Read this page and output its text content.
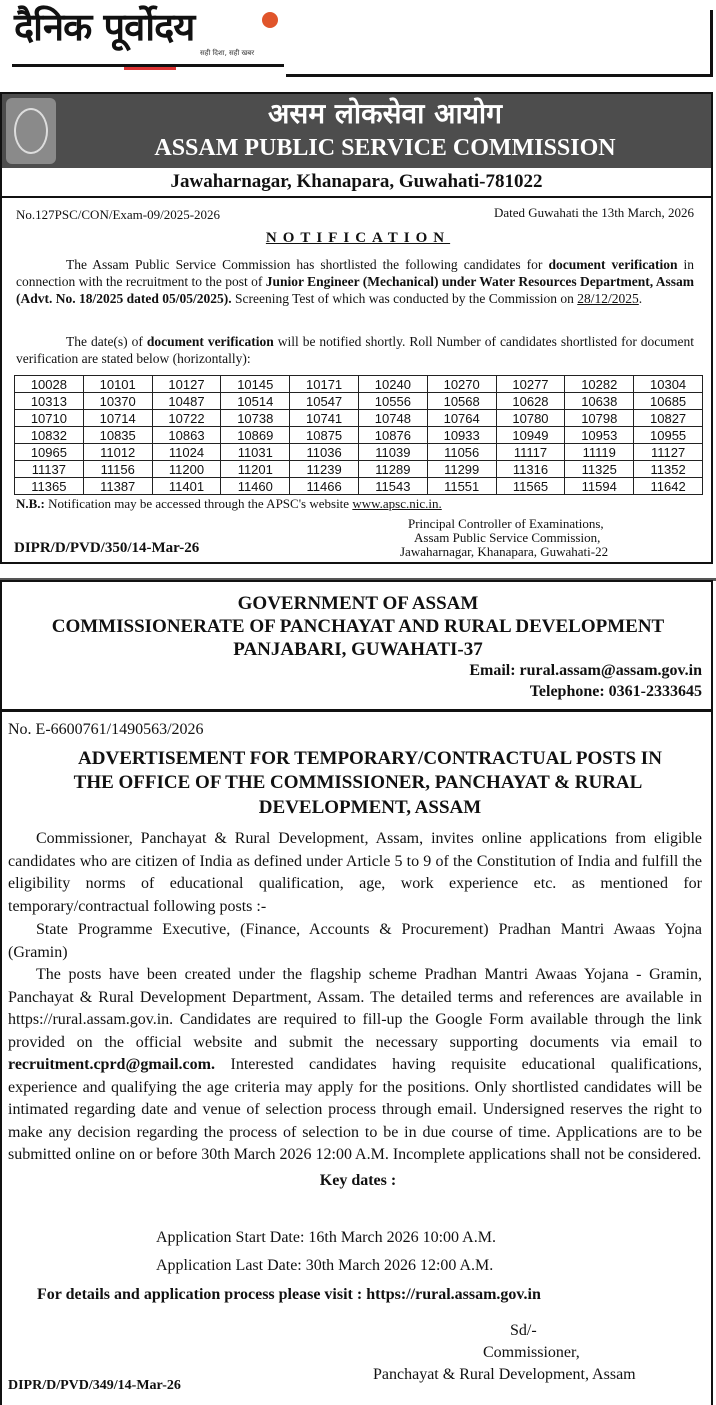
दैनिक पूर्वोदय
सही दिशा, सही खबर
असम लोकसेवा आयोग
ASSAM PUBLIC SERVICE COMMISSION
Jawaharnagar, Khanapara, Guwahati-781022
No.127PSC/CON/Exam-09/2025-2026	Dated Guwahati the 13th March, 2026
NOTIFICATION
The Assam Public Service Commission has shortlisted the following candidates for document verification in connection with the recruitment to the post of Junior Engineer (Mechanical) under Water Resources Department, Assam (Advt. No. 18/2025 dated 05/05/2025). Screening Test of which was conducted by the Commission on 28/12/2025.
The date(s) of document verification will be notified shortly. Roll Number of candidates shortlisted for document verification are stated below (horizontally):
10028	10101	10127	10145	10171	10240	10270	10277	10282	10304
10313	10370	10487	10514	10547	10556	10568	10628	10638	10685
10710	10714	10722	10738	10741	10748	10764	10780	10798	10827
10832	10835	10863	10869	10875	10876	10933	10949	10953	10955
10965	11012	11024	11031	11036	11039	11056	11117	11119	11127
11137	11156	11200	11201	11239	11289	11299	11316	11325	11352
11365	11387	11401	11460	11466	11543	11551	11565	11594	11642
N.B.: Notification may be accessed through the APSC's website www.apsc.nic.in.
Principal Controller of Examinations,
Assam Public Service Commission,
Jawaharnagar, Khanapara, Guwahati-22
DIPR/D/PVD/350/14-Mar-26
GOVERNMENT OF ASSAM
COMMISSIONERATE OF PANCHAYAT AND RURAL DEVELOPMENT
PANJABARI, GUWAHATI-37
Email: rural.assam@assam.gov.in
Telephone: 0361-2333645
No. E-6600761/1490563/2026
ADVERTISEMENT FOR TEMPORARY/CONTRACTUAL POSTS IN
THE OFFICE OF THE COMMISSIONER, PANCHAYAT & RURAL
DEVELOPMENT, ASSAM
Commissioner, Panchayat & Rural Development, Assam, invites online applications from eligible candidates who are citizen of India as defined under Article 5 to 9 of the Constitution of India and fulfill the eligibility norms of educational qualification, age, work experience etc. as mentioned for temporary/contractual following posts :-
State Programme Executive, (Finance, Accounts & Procurement) Pradhan Mantri Awaas Yojna (Gramin)
The posts have been created under the flagship scheme Pradhan Mantri Awaas Yojana - Gramin, Panchayat & Rural Development Department, Assam. The detailed terms and references are available in https://rural.assam.gov.in. Candidates are required to fill-up the Google Form available through the link provided on the official website and submit the necessary supporting documents via email to recruitment.cprd@gmail.com. Interested candidates having requisite educational qualifications, experience and qualifying the age criteria may apply for the positions. Only shortlisted candidates will be intimated regarding date and venue of selection process through email. Undersigned reserves the right to make any decision regarding the process of selection to be in due course of time. Applications are to be submitted online on or before 30th March 2026 12:00 A.M. Incomplete applications shall not be considered.
Key dates :
Application Start Date: 16th March 2026 10:00 A.M.
Application Last Date: 30th March 2026 12:00 A.M.
For details and application process please visit : https://rural.assam.gov.in
Sd/-
Commissioner,
Panchayat & Rural Development, Assam
DIPR/D/PVD/349/14-Mar-26
